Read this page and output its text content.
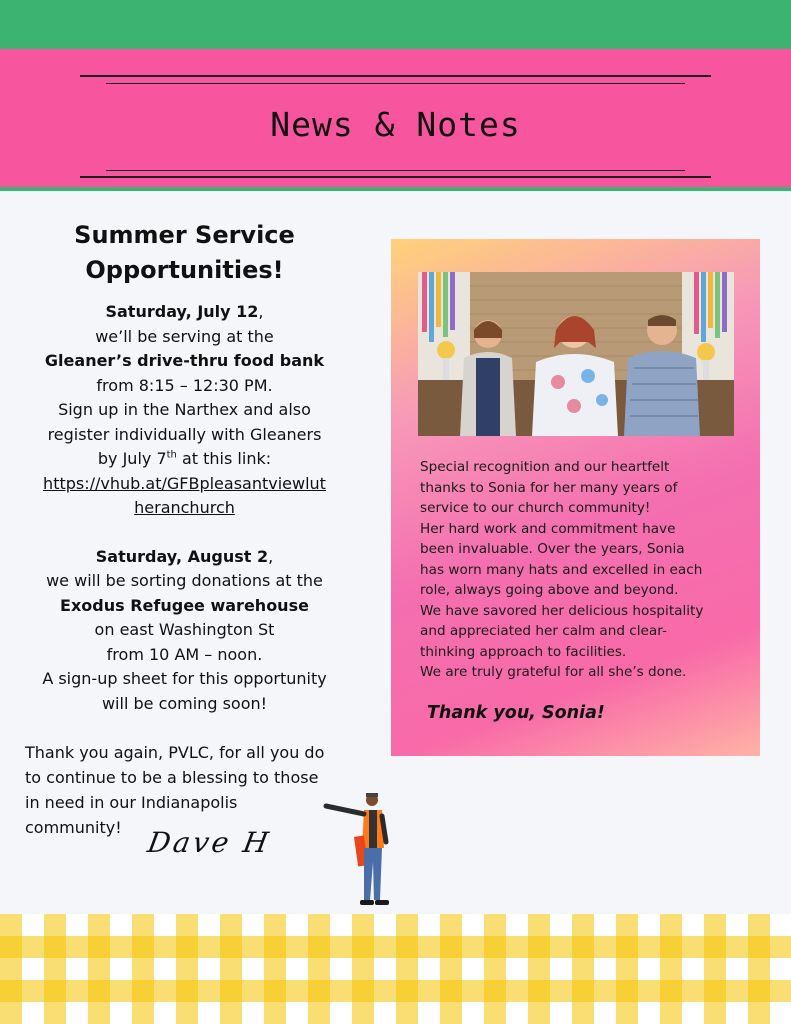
News & Notes
Summer Service
Opportunities!

Saturday, July 12,

we’ll be serving at the

Gleaner’s drive-thru food bank

from 8:15 – 12:30 PM.

Sign up in the Narthex and also

register individually with Gleaners

by July 7th at this link:

https://vhub.at/GFBpleasantviewlut

heranchurch

Saturday, August 2,

we will be sorting donations at the

Exodus Refugee warehouse

on east Washington St

from 10 AM – noon.

A sign-up sheet for this opportunity

will be coming soon!

Thank you again, PVLC, for all you do to continue to be a blessing to those in need in our Indianapolis community! Dave H

Special recognition and our heartfelt

thanks to Sonia for her many years of

service to our church community!

Her hard work and commitment have

been invaluable. Over the years, Sonia

has worn many hats and excelled in each

role, always going above and beyond.

We have savored her delicious hospitality

and appreciated her calm and clear-

thinking approach to facilities.

We are truly grateful for all she’s done.

Thank you, Sonia!
